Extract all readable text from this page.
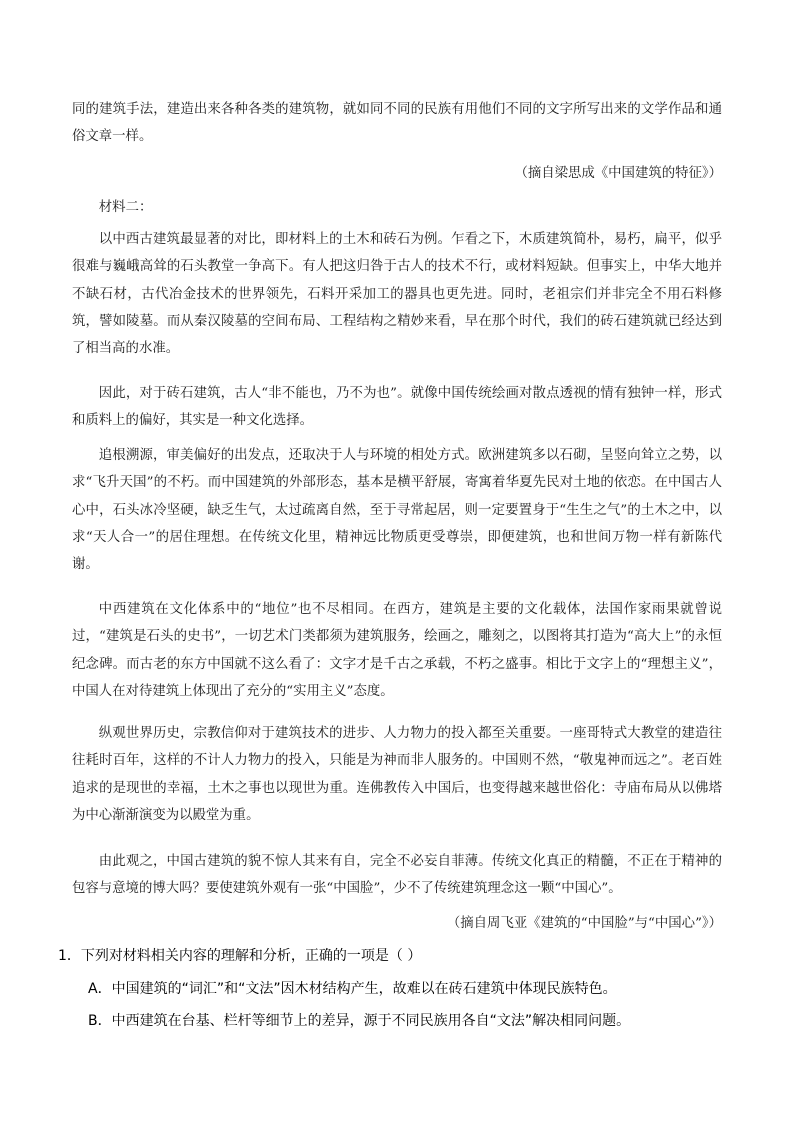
同的建筑手法，建造出来各种各类的建筑物，就如同不同的民族有用他们不同的文字所写出来的文学作品和通俗文章一样。
（摘自梁思成《中国建筑的特征》）
材料二：
以中西古建筑最显著的对比，即材料上的土木和砖石为例。乍看之下，木质建筑简朴，易朽，扁平，似乎很难与巍峨高耸的石头教堂一争高下。有人把这归咎于古人的技术不行，或材料短缺。但事实上，中华大地并不缺石材，古代冶金技术的世界领先，石料开采加工的器具也更先进。同时，老祖宗们并非完全不用石料修筑，譬如陵墓。而从秦汉陵墓的空间布局、工程结构之精妙来看，早在那个时代，我们的砖石建筑就已经达到了相当高的水准。
因此，对于砖石建筑，古人“非不能也，乃不为也”。就像中国传统绘画对散点透视的情有独钟一样，形式和质料上的偏好，其实是一种文化选择。
追根溯源，审美偏好的出发点，还取决于人与环境的相处方式。欧洲建筑多以石砌，呈竖向耸立之势，以求“飞升天国”的不朽。而中国建筑的外部形态，基本是横平舒展，寄寓着华夏先民对土地的依恋。在中国古人心中，石头冰冷坚硬，缺乏生气，太过疏离自然，至于寻常起居，则一定要置身于“生生之气”的土木之中，以求“天人合一”的居住理想。在传统文化里，精神远比物质更受尊崇，即便建筑，也和世间万物一样有新陈代谢。
中西建筑在文化体系中的“地位”也不尽相同。在西方，建筑是主要的文化载体，法国作家雨果就曾说过，“建筑是石头的史书”，一切艺术门类都须为建筑服务，绘画之，雕刻之，以图将其打造为“高大上”的永恒纪念碑。而古老的东方中国就不这么看了：文字才是千古之承载，不朽之盛事。相比于文字上的“理想主义”，中国人在对待建筑上体现出了充分的“实用主义”态度。
纵观世界历史，宗教信仰对于建筑技术的进步、人力物力的投入都至关重要。一座哥特式大教堂的建造往往耗时百年，这样的不计人力物力的投入，只能是为神而非人服务的。中国则不然，“敬鬼神而远之”。老百姓追求的是现世的幸福，土木之事也以现世为重。连佛教传入中国后，也变得越来越世俗化：寺庙布局从以佛塔为中心渐渐演变为以殿堂为重。
由此观之，中国古建筑的貌不惊人其来有自，完全不必妄自菲薄。传统文化真正的精髓，不正在于精神的包容与意境的博大吗？要使建筑外观有一张“中国脸”，少不了传统建筑理念这一颗“中国心”。
（摘自周飞亚《建筑的“中国脸”与“中国心”》）
1．下列对材料相关内容的理解和分析，正确的一项是（ ）
A．中国建筑的“词汇”和“文法”因木材结构产生，故难以在砖石建筑中体现民族特色。
B．中西建筑在台基、栏杆等细节上的差异，源于不同民族用各自“文法”解决相同问题。
